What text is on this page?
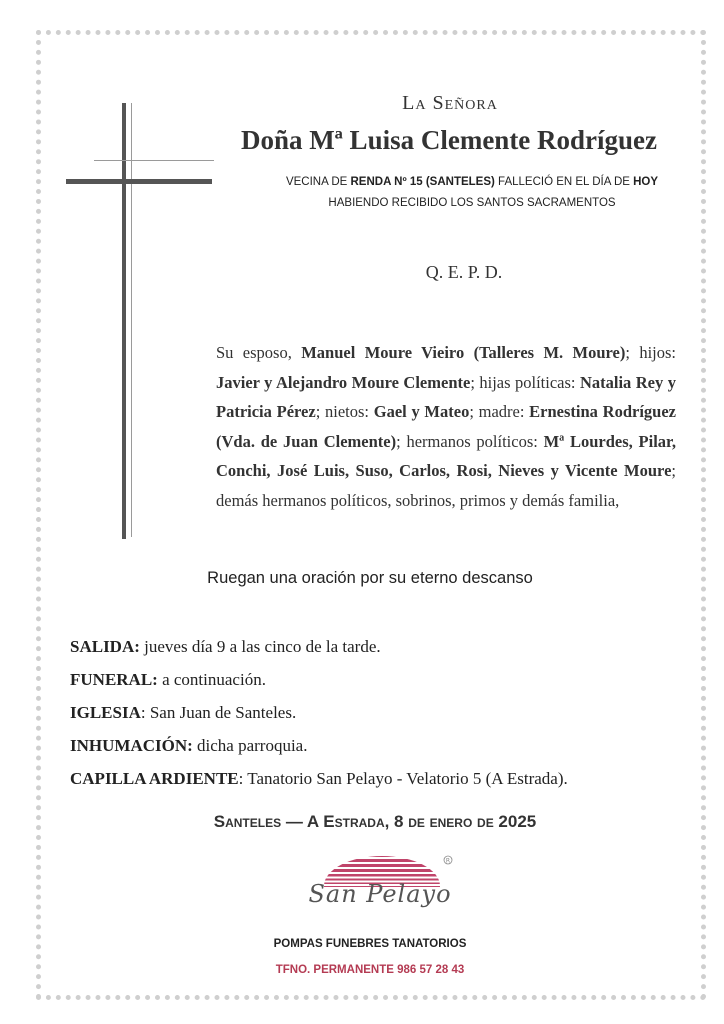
La Señora
Doña Mª Luisa Clemente Rodríguez
VECINA DE RENDA Nº 15 (SANTELES) FALLECIÓ EN EL DÍA DE HOY
HABIENDO RECIBIDO LOS SANTOS SACRAMENTOS
Q. E. P. D.
Su esposo, Manuel Moure Vieiro (Talleres M. Moure); hijos: Javier y Alejandro Moure Clemente; hijas políticas: Natalia Rey y Patricia Pérez; nietos: Gael y Mateo; madre: Ernestina Rodríguez (Vda. de Juan Clemente); hermanos políticos: Mª Lourdes, Pilar, Conchi, José Luis, Suso, Carlos, Rosi, Nieves y Vicente Moure; demás hermanos políticos, sobrinos, primos y demás familia,
Ruegan una oración por su eterno descanso
SALIDA: jueves día 9 a las cinco de la tarde.
FUNERAL: a continuación.
IGLESIA: San Juan de Santeles.
INHUMACIÓN: dicha parroquia.
CAPILLA ARDIENTE: Tanatorio San Pelayo - Velatorio 5 (A Estrada).
Santeles — A Estrada, 8 de enero de 2025
R
San Pelayo
POMPAS FUNEBRES TANATORIOS
TFNO. PERMANENTE 986 57 28 43
